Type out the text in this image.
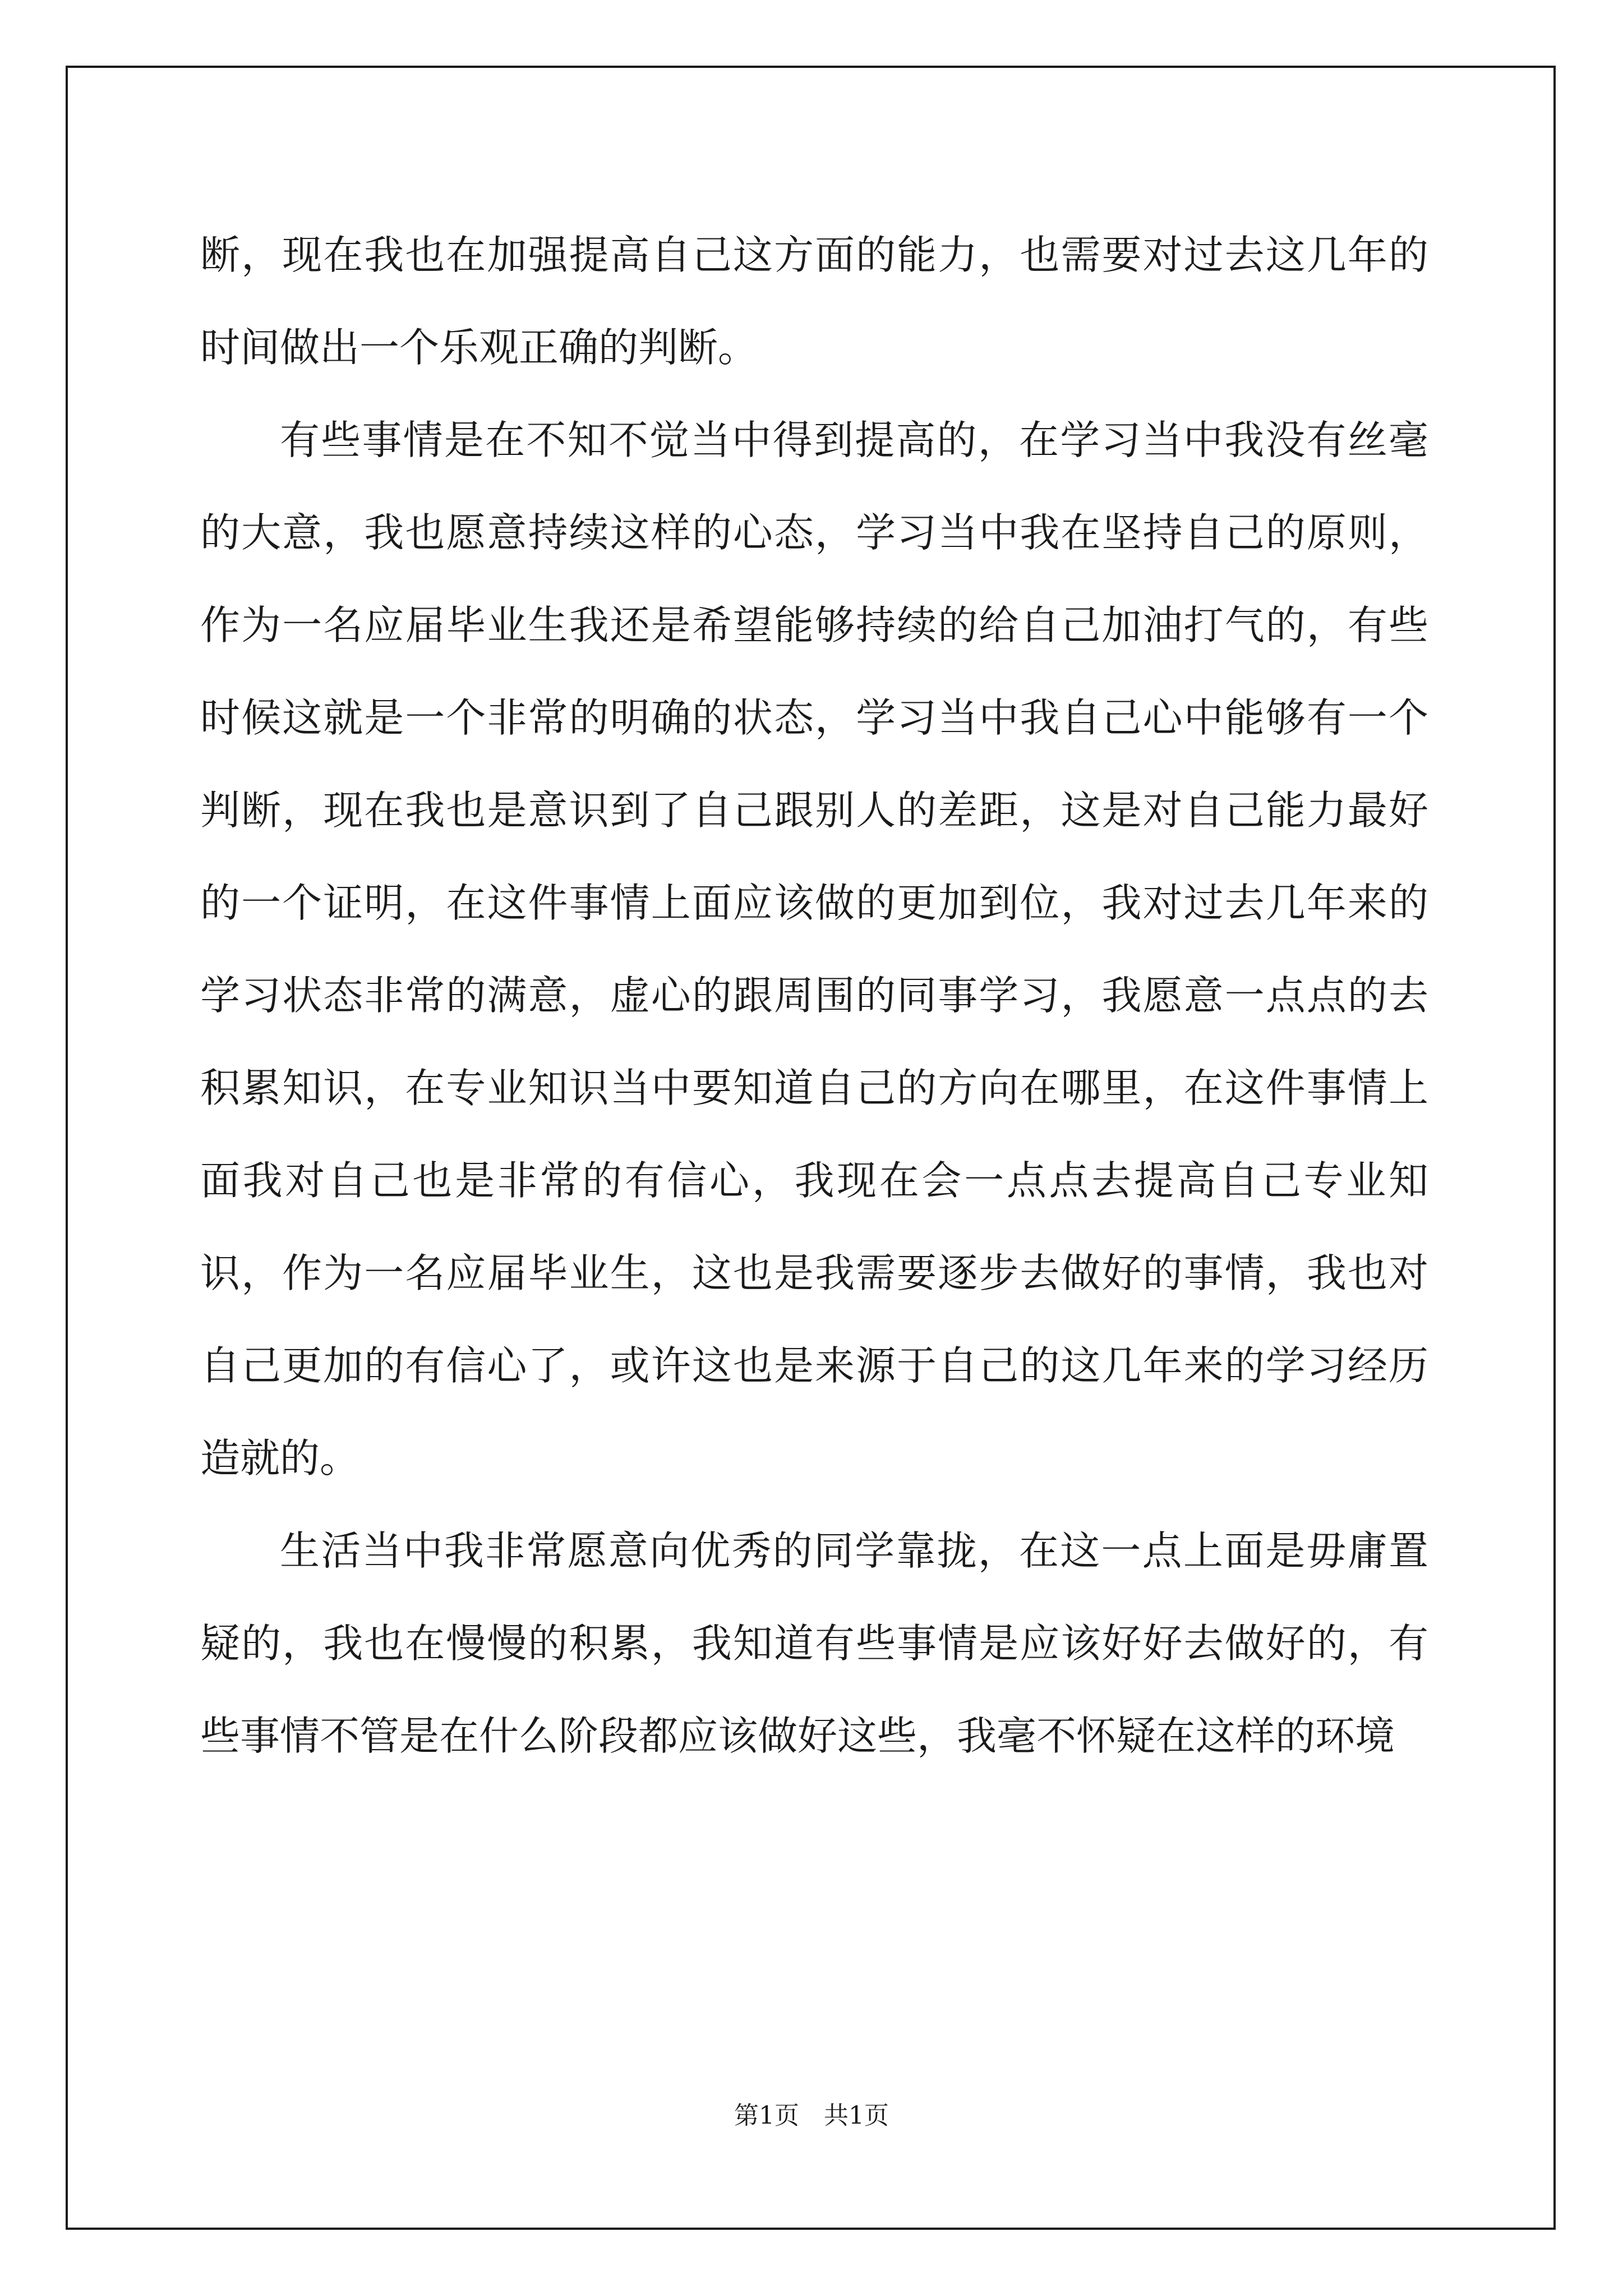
断，现在我也在加强提高自己这方面的能力，也需要对过去这几年的时间做出一个乐观正确的判断。

有些事情是在不知不觉当中得到提高的，在学习当中我没有丝毫的大意，我也愿意持续这样的心态，学习当中我在坚持自己的原则，作为一名应届毕业生我还是希望能够持续的给自己加油打气的，有些时候这就是一个非常的明确的状态，学习当中我自己心中能够有一个判断，现在我也是意识到了自己跟别人的差距，这是对自己能力最好的一个证明，在这件事情上面应该做的更加到位，我对过去几年来的学习状态非常的满意，虚心的跟周围的同事学习，我愿意一点点的去积累知识，在专业知识当中要知道自己的方向在哪里，在这件事情上面我对自己也是非常的有信心，我现在会一点点去提高自己专业知识，作为一名应届毕业生，这也是我需要逐步去做好的事情，我也对自己更加的有信心了，或许这也是来源于自己的这几年来的学习经历造就的。

生活当中我非常愿意向优秀的同学靠拢，在这一点上面是毋庸置疑的，我也在慢慢的积累，我知道有些事情是应该好好去做好的，有些事情不管是在什么阶段都应该做好这些，我毫不怀疑在这样的环境

第1页 共1页
